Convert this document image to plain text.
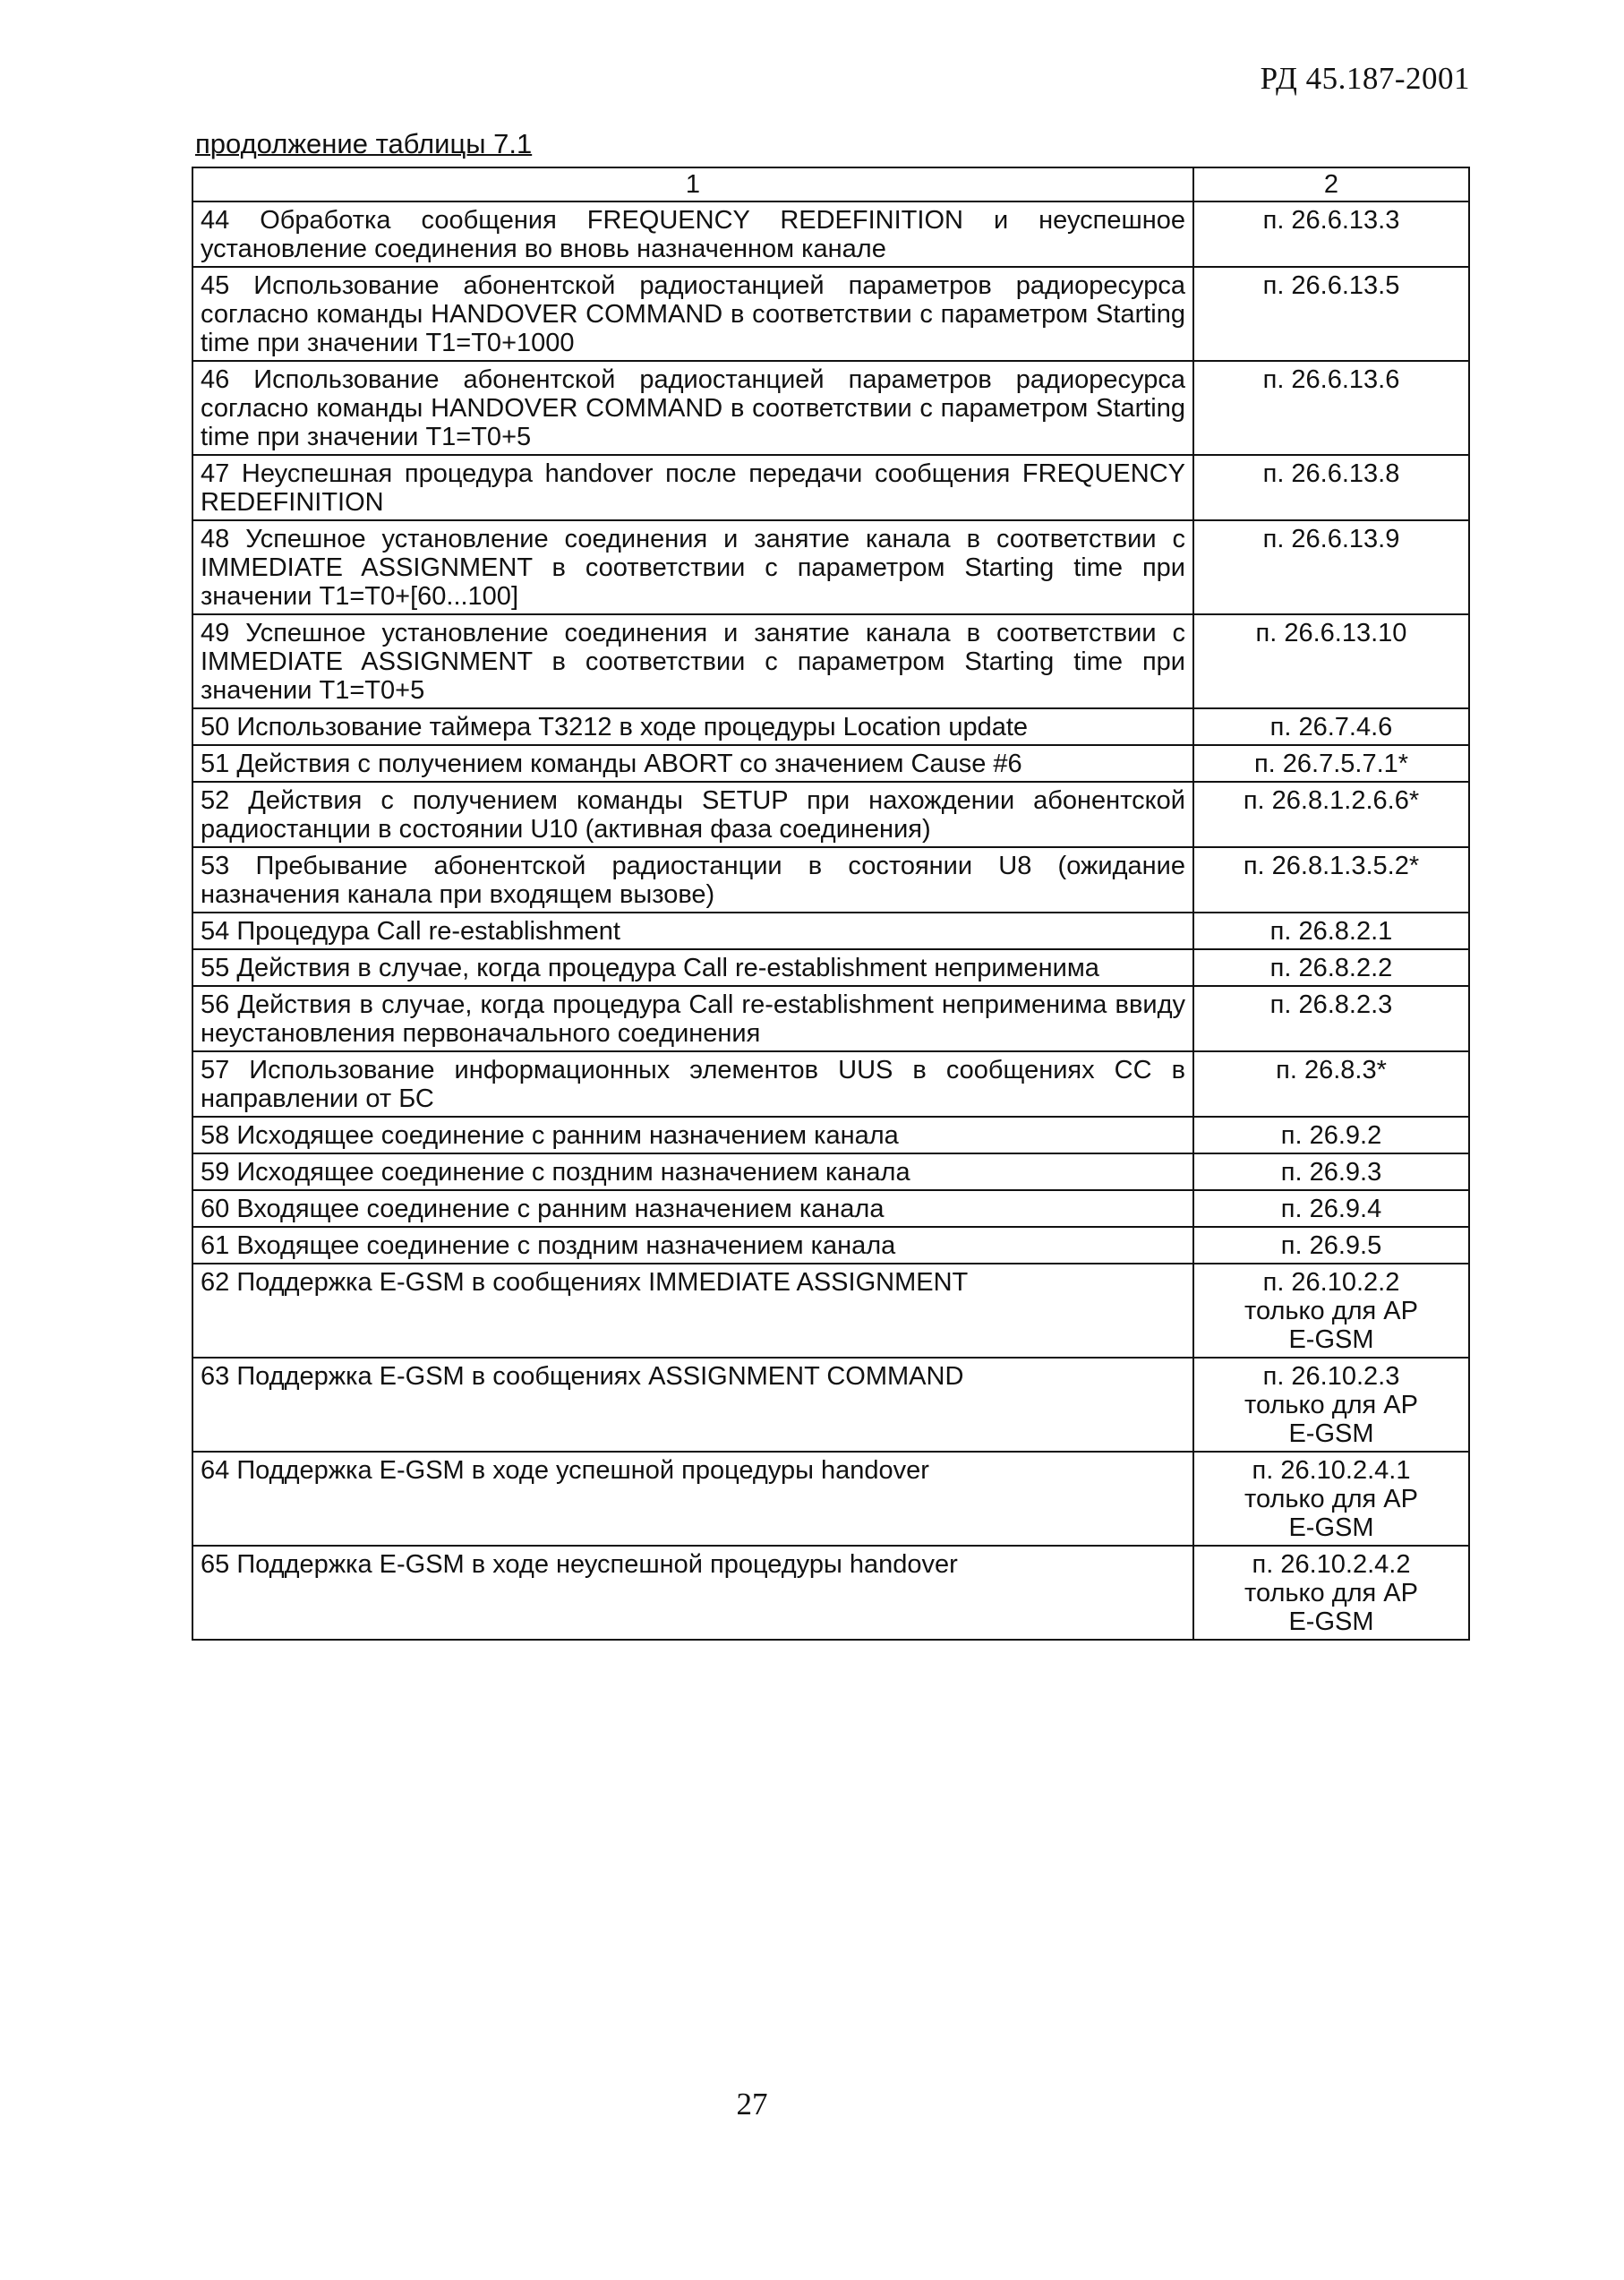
РД 45.187-2001
продолжение таблицы 7.1
1	2
44 Обработка сообщения FREQUENCY REDEFINITION и неуспешное установление соединения во вновь назначенном канале	п. 26.6.13.3

45 Использование абонентской радиостанцией параметров радиоресурса согласно команды HANDOVER COMMAND в соответствии с параметром Starting time при значении T1=T0+1000	п. 26.6.13.5

46 Использование абонентской радиостанцией параметров радиоресурса согласно команды HANDOVER COMMAND в соответствии с параметром Starting time при значении T1=T0+5	п. 26.6.13.6

47 Неуспешная процедура handover после передачи сообщения FREQUENCY REDEFINITION	п. 26.6.13.8

48 Успешное установление соединения и занятие канала в соответствии с IMMEDIATE ASSIGNMENT в соответствии с параметром Starting time при значении T1=T0+[60...100]	п. 26.6.13.9

49 Успешное установление соединения и занятие канала в соответствии с IMMEDIATE ASSIGNMENT в соответствии с параметром Starting time при значении T1=T0+5	п. 26.6.13.10

50 Использование таймера T3212 в ходе процедуры Location update	п. 26.7.4.6

51 Действия с получением команды ABORT со значением Cause #6	п. 26.7.5.7.1*

52 Действия с получением команды SETUP при нахождении абонентской радиостанции в состоянии U10 (активная фаза соединения)	п. 26.8.1.2.6.6*

53 Пребывание абонентской радиостанции в состоянии U8 (ожидание назначения канала при входящем вызове)	п. 26.8.1.3.5.2*

54 Процедура Call re-establishment	п. 26.8.2.1

55 Действия в случае, когда процедура Call re-establishment неприменима	п. 26.8.2.2

56 Действия в случае, когда процедура Call re-establishment неприменима ввиду неустановления первоначального соединения	п. 26.8.2.3

57 Использование информационных элементов UUS в сообщениях CC в направлении от БС	п. 26.8.3*

58 Исходящее соединение с ранним назначением канала	п. 26.9.2

59 Исходящее соединение с поздним назначением канала	п. 26.9.3

60 Входящее соединение с ранним назначением канала	п. 26.9.4

61 Входящее соединение с поздним назначением канала	п. 26.9.5

62 Поддержка E-GSM в сообщениях IMMEDIATE ASSIGNMENT	п. 26.10.2.2
только для АР
E-GSM

63 Поддержка E-GSM в сообщениях ASSIGNMENT COMMAND	п. 26.10.2.3
только для АР
E-GSM

64 Поддержка E-GSM в ходе успешной процедуры handover	п. 26.10.2.4.1
только для АР
E-GSM

65 Поддержка E-GSM в ходе неуспешной процедуры handover	п. 26.10.2.4.2
только для АР
E-GSM
27
